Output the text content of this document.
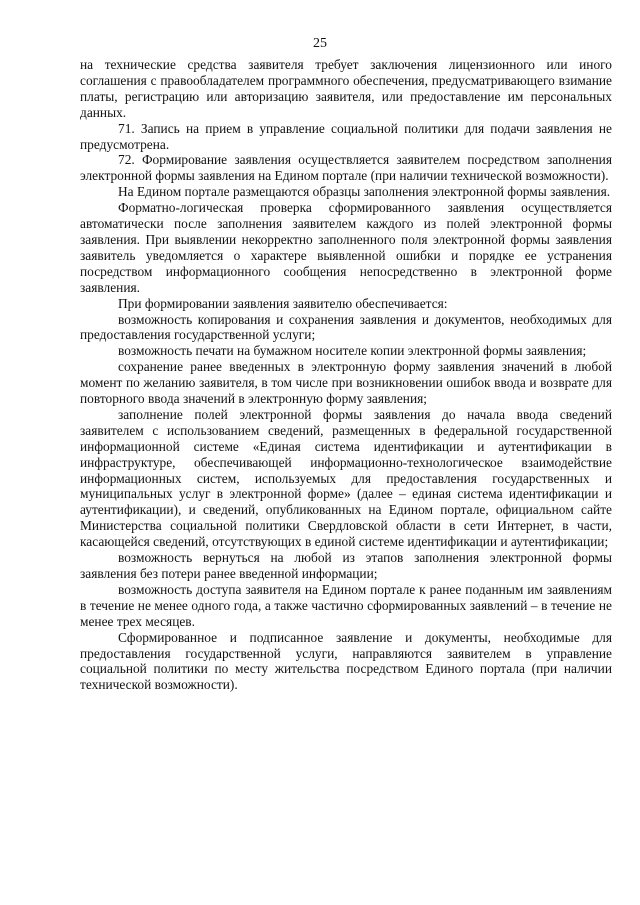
25

на технические средства заявителя требует заключения лицензионного или иного соглашения с правообладателем программного обеспечения, предусматривающего взимание платы, регистрацию или авторизацию заявителя, или предоставление им персональных данных.

71. Запись на прием в управление социальной политики для подачи заявления не предусмотрена.

72. Формирование заявления осуществляется заявителем посредством заполнения электронной формы заявления на Едином портале (при наличии технической возможности).

На Едином портале размещаются образцы заполнения электронной формы заявления.

Форматно-логическая проверка сформированного заявления осуществляется автоматически после заполнения заявителем каждого из полей электронной формы заявления. При выявлении некорректно заполненного поля электронной формы заявления заявитель уведомляется о характере выявленной ошибки и порядке ее устранения посредством информационного сообщения непосредственно в электронной форме заявления.

При формировании заявления заявителю обеспечивается:

возможность копирования и сохранения заявления и документов, необходимых для предоставления государственной услуги;

возможность печати на бумажном носителе копии электронной формы заявления;

сохранение ранее введенных в электронную форму заявления значений в любой момент по желанию заявителя, в том числе при возникновении ошибок ввода и возврате для повторного ввода значений в электронную форму заявления;

заполнение полей электронной формы заявления до начала ввода сведений заявителем с использованием сведений, размещенных в федеральной государственной информационной системе «Единая система идентификации и аутентификации в инфраструктуре, обеспечивающей информационно-технологическое взаимодействие информационных систем, используемых для предоставления государственных и муниципальных услуг в электронной форме» (далее – единая система идентификации и аутентификации), и сведений, опубликованных на Едином портале, официальном сайте Министерства социальной политики Свердловской области в сети Интернет, в части, касающейся сведений, отсутствующих в единой системе идентификации и аутентификации;

возможность вернуться на любой из этапов заполнения электронной формы заявления без потери ранее введенной информации;

возможность доступа заявителя на Едином портале к ранее поданным им заявлениям в течение не менее одного года, а также частично сформированных заявлений – в течение не менее трех месяцев.

Сформированное и подписанное заявление и документы, необходимые для предоставления государственной услуги, направляются заявителем в управление социальной политики по месту жительства посредством Единого портала (при наличии технической возможности).
